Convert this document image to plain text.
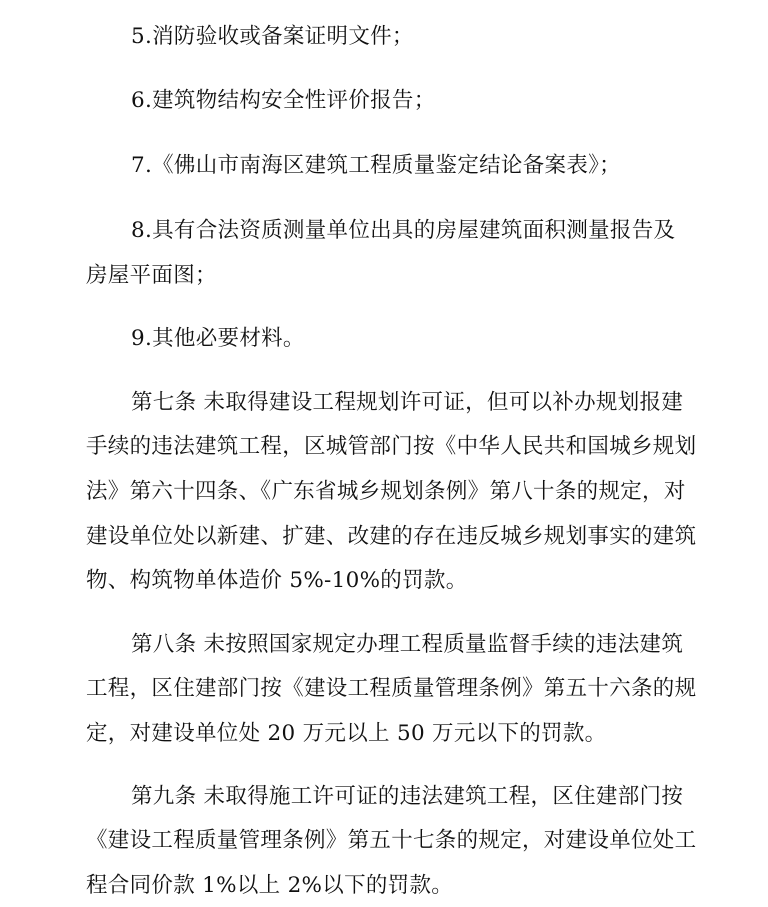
5.消防验收或备案证明文件；
6.建筑物结构安全性评价报告；
7.《佛山市南海区建筑工程质量鉴定结论备案表》；
8.具有合法资质测量单位出具的房屋建筑面积测量报告及
房屋平面图；
9.其他必要材料。
第七条 未取得建设工程规划许可证，但可以补办规划报建
手续的违法建筑工程，区城管部门按《中华人民共和国城乡规划
法》第六十四条、《广东省城乡规划条例》第八十条的规定，对
建设单位处以新建、扩建、改建的存在违反城乡规划事实的建筑
物、构筑物单体造价 5%-10%的罚款。
第八条 未按照国家规定办理工程质量监督手续的违法建筑
工程，区住建部门按《建设工程质量管理条例》第五十六条的规
定，对建设单位处 20 万元以上 50 万元以下的罚款。
第九条 未取得施工许可证的违法建筑工程，区住建部门按
《建设工程质量管理条例》第五十七条的规定，对建设单位处工
程合同价款 1%以上 2%以下的罚款。
